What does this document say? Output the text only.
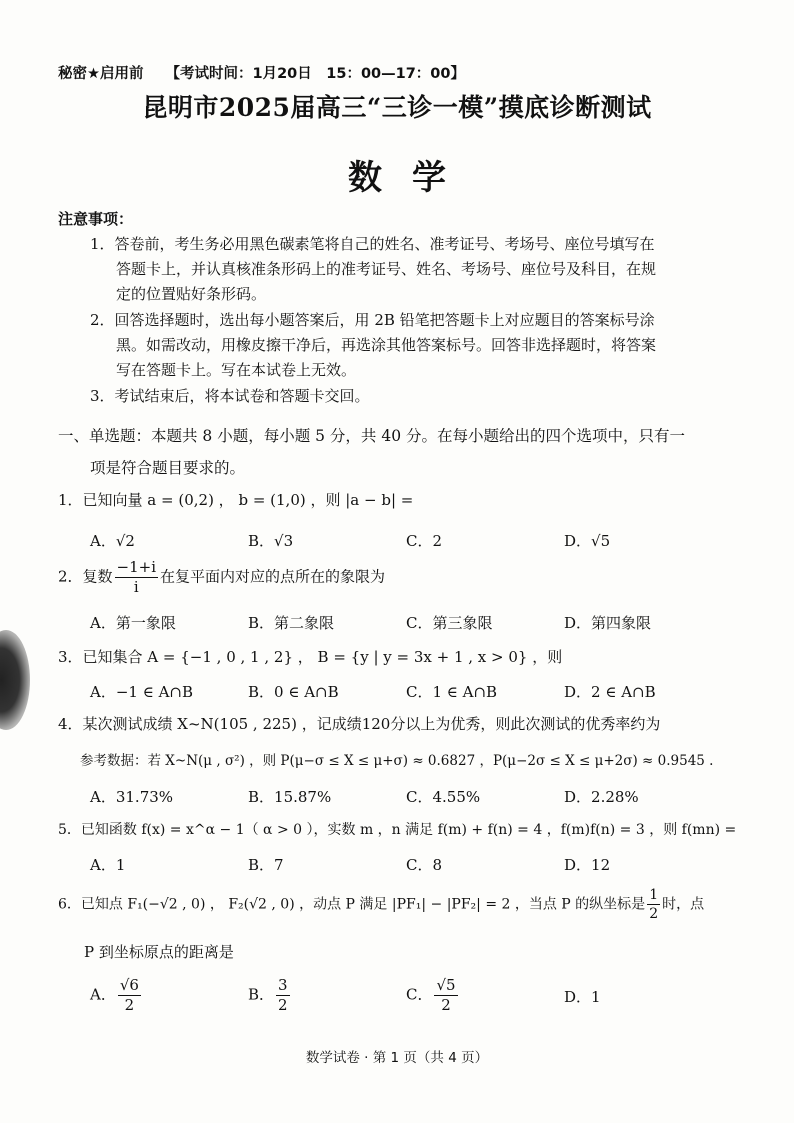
秘密★启用前 【考试时间：1月20日　15：00—17：00】
昆明市2025届高三“三诊一模”摸底诊断测试
数学
注意事项：
1．答卷前，考生务必用黑色碳素笔将自己的姓名、准考证号、考场号、座位号填写在
答题卡上，并认真核准条形码上的准考证号、姓名、考场号、座位号及科目，在规
定的位置贴好条形码。
2．回答选择题时，选出每小题答案后，用 2B 铅笔把答题卡上对应题目的答案标号涂
黑。如需改动，用橡皮擦干净后，再选涂其他答案标号。回答非选择题时，将答案
写在答题卡上。写在本试卷上无效。
3．考试结束后，将本试卷和答题卡交回。
一、单选题：本题共 8 小题，每小题 5 分，共 40 分。在每小题给出的四个选项中，只有一
项是符合题目要求的。
1．已知向量 a = (0,2) ， b = (1,0) ，则 |a − b| =
A．√2	B．√3	C．2	D．√5
2．复数 $\frac{-1+i}{i}$ 在复平面内对应的点所在的象限为
A．第一象限	B．第二象限	C．第三象限	D．第四象限
3．已知集合 A = {−1 , 0 , 1 , 2} ， B = {y | y = 3x + 1 , x > 0} ，则
A．−1 ∈ A∩B	B．0 ∈ A∩B	C．1 ∈ A∩B	D．2 ∈ A∩B
4．某次测试成绩 X~N(105 , 225) ，记成绩120分以上为优秀，则此次测试的优秀率约为
参考数据：若 X~N(μ , σ²) ，则 P(μ−σ ≤ X ≤ μ+σ) ≈ 0.6827 ，P(μ−2σ ≤ X ≤ μ+2σ) ≈ 0.9545 .
A．31.73%	B．15.87%	C．4.55%	D．2.28%
5．已知函数 f(x) = x^α − 1（ α > 0 ），实数 m ，n 满足 f(m) + f(n) = 4 ，f(m)f(n) = 3 ，则 f(mn) =
A．1	B．7	C．8	D．12
6．已知点 F₁(−√2 , 0) ， F₂(√2 , 0) ，动点 P 满足 |PF₁| − |PF₂| = 2 ，当点 P 的纵坐标是 $\frac{1}{2}$ 时，点
P 到坐标原点的距离是
A． $\frac{√6}{2}$	B． $\frac{3}{2}$	C． $\frac{√5}{2}$	D．1
数学试卷 · 第 1 页（共 4 页）
